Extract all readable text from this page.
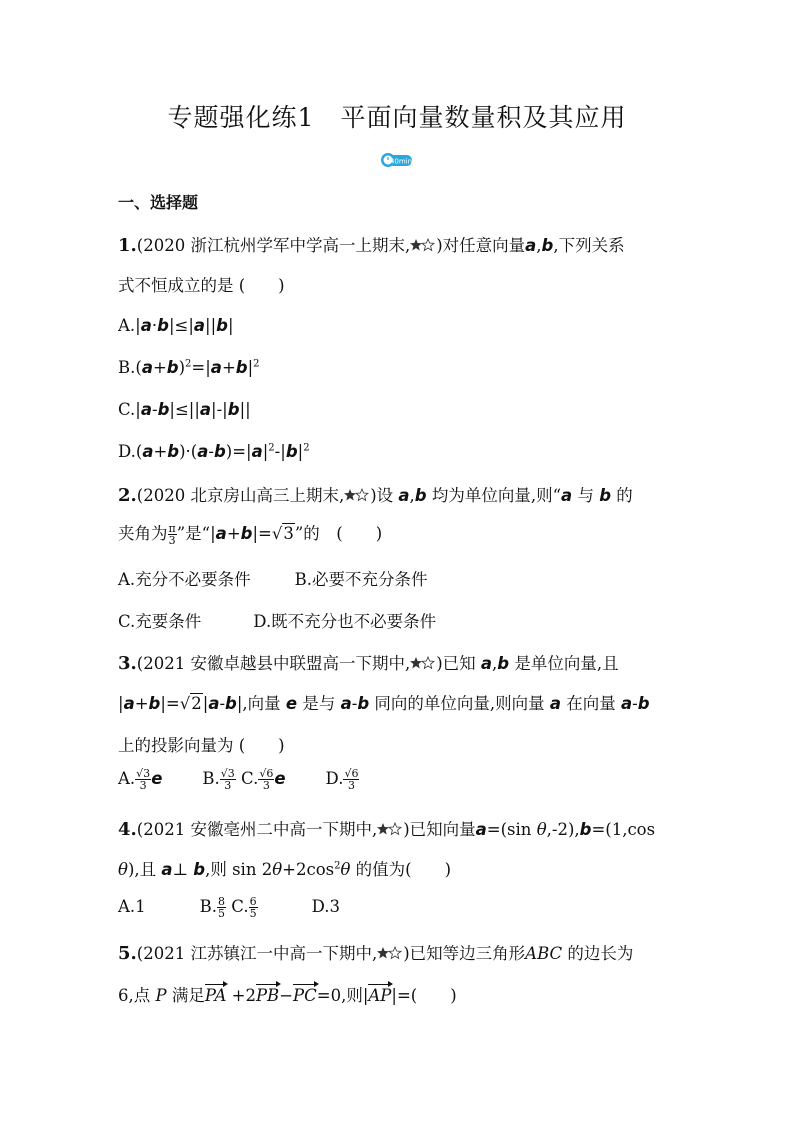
专题强化练1　平面向量数量积及其应用
40min
一、选择题
1.(2020 浙江杭州学军中学高一上期末, )对任意向量a,b,下列关系
式不恒成立的是 (　　)
A.|a·b|≤|a||b|
$B.(a+b)^2=|a+b|^2$
C.|a-b|≤||a|-|b||
$D.(a+b)\cdot(a-b)=|a|^2-|b|^2$
2.(2020 北京房山高三上期末, )设 a,b 均为单位向量,则“a 与 b 的
夹角为 $\frac{\pi}{3}$ ”是“|a+b|=√3”的　(　　)
A.充分不必要条件	B.必要不充分条件
C.充要条件	D.既不充分也不必要条件
3.(2021 安徽卓越县中联盟高一下期中, )已知 a,b 是单位向量,且
|a+b|=√2|a-b|,向量 e 是与 a-b 同向的单位向量,则向量 a 在向量 a-b
上的投影向量为 (　　)
A. $\frac{√3}{3}$ e B. $\frac{√3}{3} C$. $\frac{√6}{3}$ e D. $\frac{√6}{3}$
4.(2021 安徽亳州二中高一下期中, )已知向量a=(sin θ,-2),b=(1,cos
θ),且 a⊥ b,则 $\sin 2\theta+2\cos^2\theta$ 的值为(　　)
A.1	B. $\frac{8}{5} C$. $\frac{6}{5}$	D.3
5.(2021 江苏镇江一中高一下期中, )已知等边三角形ABC 的边长为
6,点 P 满足PA +2PB−PC=0,则|AP|=(　　)
